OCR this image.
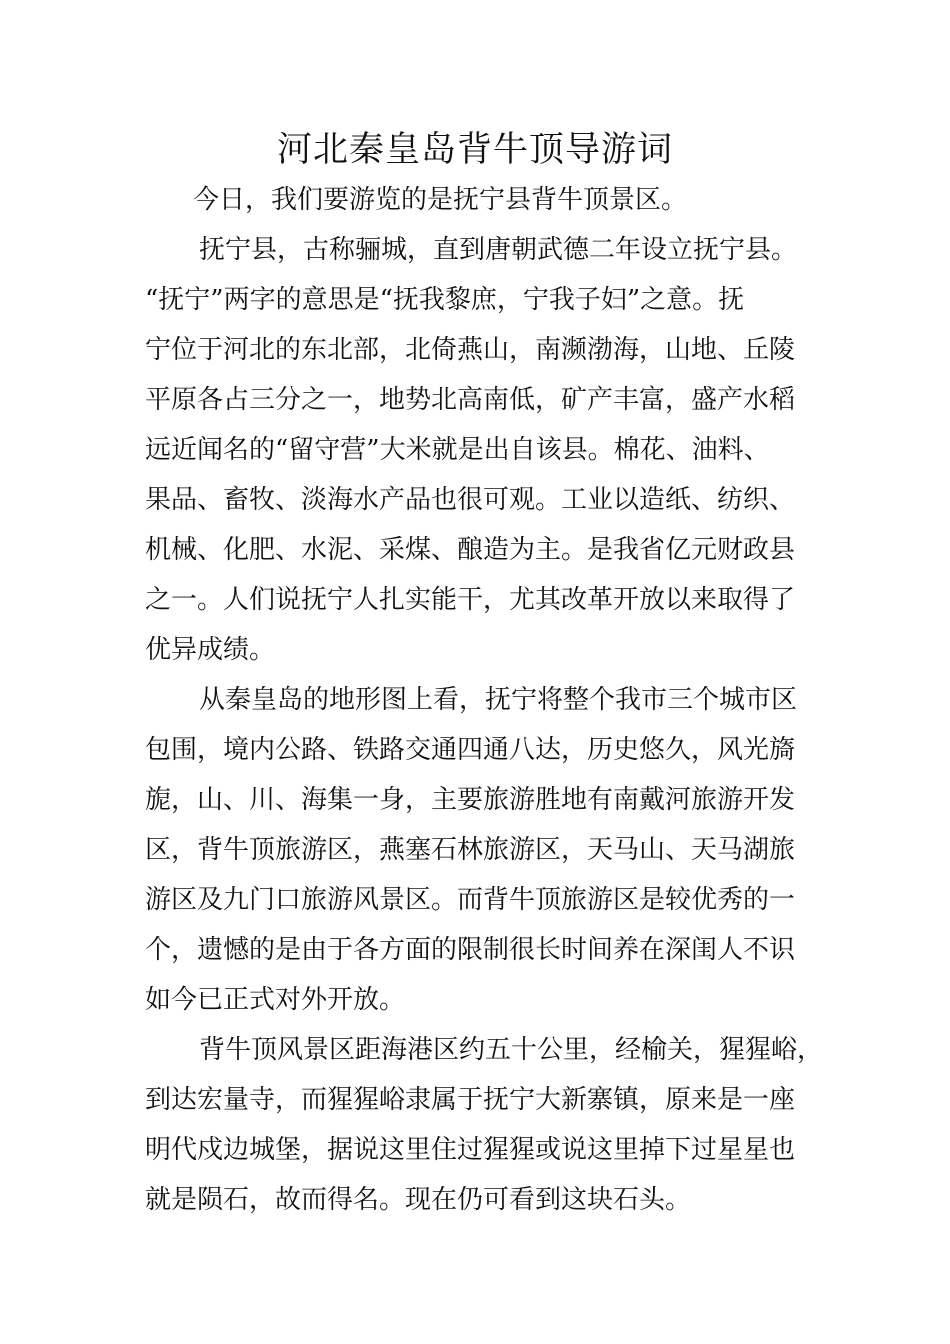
河北秦皇岛背牛顶导游词
今日，我们要游览的是抚宁县背牛顶景区。
抚宁县，古称骊城，直到唐朝武德二年设立抚宁县。
“抚宁”两字的意思是“抚我黎庶，宁我子妇”之意。抚
宁位于河北的东北部，北倚燕山，南濒渤海，山地、丘陵
平原各占三分之一，地势北高南低，矿产丰富，盛产水稻
远近闻名的“留守营”大米就是出自该县。棉花、油料、
果品、畜牧、淡海水产品也很可观。工业以造纸、纺织、
机械、化肥、水泥、采煤、酿造为主。是我省亿元财政县
之一。人们说抚宁人扎实能干，尤其改革开放以来取得了
优异成绩。
从秦皇岛的地形图上看，抚宁将整个我市三个城市区
包围，境内公路、铁路交通四通八达，历史悠久，风光旖
旎，山、川、海集一身，主要旅游胜地有南戴河旅游开发
区，背牛顶旅游区，燕塞石林旅游区，天马山、天马湖旅
游区及九门口旅游风景区。而背牛顶旅游区是较优秀的一
个，遗憾的是由于各方面的限制很长时间养在深闺人不识
如今已正式对外开放。
背牛顶风景区距海港区约五十公里，经榆关，猩猩峪，
到达宏量寺，而猩猩峪隶属于抚宁大新寨镇，原来是一座
明代戍边城堡，据说这里住过猩猩或说这里掉下过星星也
就是陨石，故而得名。现在仍可看到这块石头。
